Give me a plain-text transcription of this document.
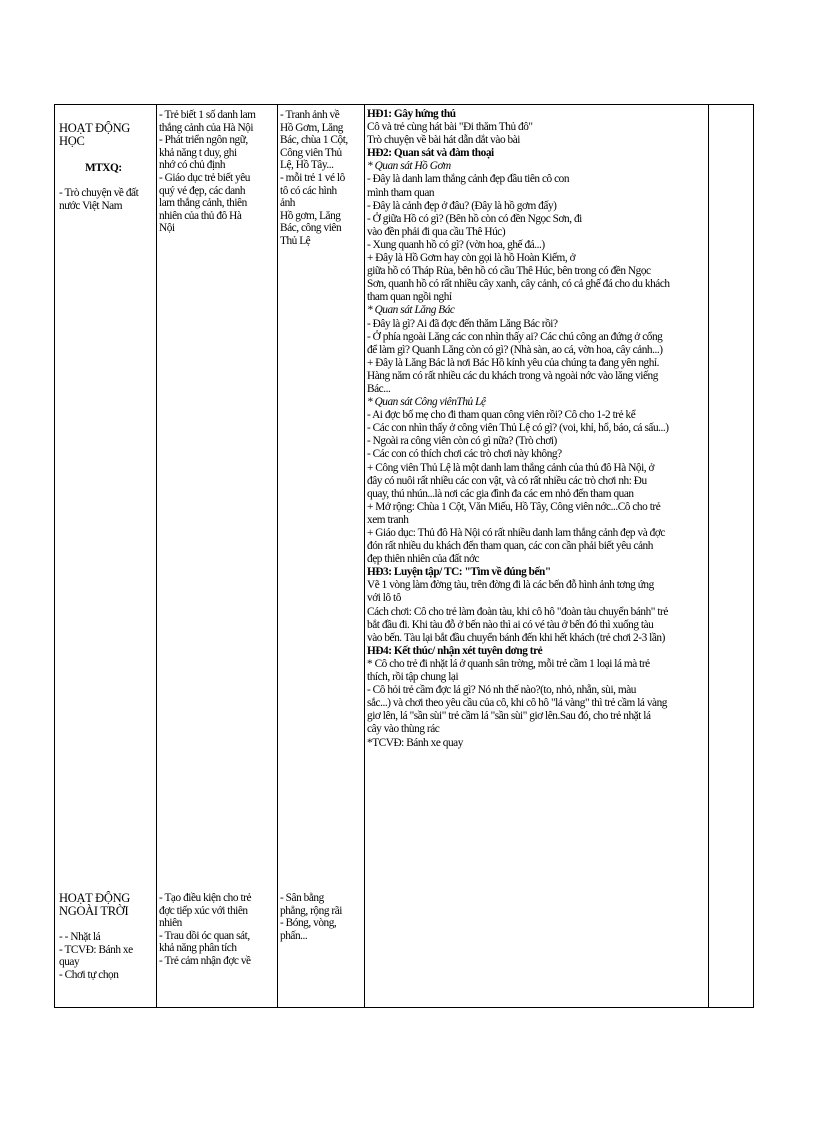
HOẠT ĐỘNG
HỌC

MTXQ:

- Trò chuyện về đất
nước Việt Nam

- Trẻ biết 1 số danh lam
thắng cảnh của Hà Nội
- Phát triển ngôn ngữ,
khả năng t duy, ghi
nhớ có chủ định
- Giáo dục trẻ biết yêu
quý vẻ đẹp, các danh
lam thắng cảnh, thiên
nhiên của thủ đô Hà
Nội
- Tranh ảnh về
Hồ Gơm, Lăng
Bác, chùa 1 Cột,
Công viên Thủ
Lệ, Hồ Tây...
- mỗi trẻ 1 vé lô
tô có các hình
ảnh
Hồ gơm, Lăng
Bác, công viên
Thủ Lệ
HĐ1: Gây hứng thú
Cô và trẻ cùng hát bài "Đi thăm Thủ đô"
Trò chuyện về bài hát dẫn dắt vào bài
HĐ2: Quan sát và đàm thoại
* Quan sát Hồ Gơm
- Đây là danh lam thắng cảnh đẹp đầu tiên cô con
mình tham quan
- Đây là cảnh đẹp ở đâu? (Đây là hồ gơm đấy)
- Ở giữa Hồ có gì? (Bên hồ còn có đền Ngọc Sơn, đi
vào đền phải đi qua cầu Thê Húc)
- Xung quanh hồ có gì? (vờn hoa, ghế đá...)
+ Đây là Hồ Gơm hay còn gọi là hồ Hoàn Kiếm, ở
giữa hồ có Tháp Rùa, bên hồ có cầu Thê Húc, bên trong có đền Ngọc
Sơn, quanh hồ có rất nhiều cây xanh, cây cảnh, có cả ghế đá cho du khách
tham quan ngồi nghỉ
* Quan sát Lăng Bác
- Đây là gì? Ai đã đợc đến thăm Lăng Bác rồi?
- Ở phía ngoài Lăng các con nhìn thấy ai? Các chú công an đứng ở cổng
để làm gì? Quanh Lăng còn có gì? (Nhà sàn, ao cá, vờn hoa, cây cảnh...)
+ Đây là Lăng Bác là nơi Bác Hồ kính yêu của chúng ta đang yên nghỉ.
Hàng năm có rất nhiều các du khách trong và ngoài nớc vào lăng viếng
Bác...
* Quan sát Công viênThủ Lệ
- Ai đợc bố mẹ cho đi tham quan công viên rồi? Cô cho 1-2 trẻ kể
- Các con nhìn thấy ở công viên Thủ Lệ có gì? (voi, khỉ, hổ, báo, cá sấu...)
- Ngoài ra công viên còn có gì nữa? (Trò chơi)
- Các con có thích chơi các trò chơi này không?
+ Công viên Thủ Lệ là một danh lam thắng cảnh của thủ đô Hà Nội, ở
đây có nuôi rất nhiều các con vật, và có rất nhiều các trò chơi nh: Đu
quay, thú nhún...là nơi các gia đình đa các em nhỏ đến tham quan
+ Mở rộng: Chùa 1 Cột, Văn Miếu, Hồ Tây, Công viên nớc...Cô cho trẻ
xem tranh
+ Giáo dục: Thủ đô Hà Nội có rất nhiều danh lam thắng cảnh đẹp và đợc
đón rất nhiều du khách đến tham quan, các con cần phải biết yêu cảnh
đẹp thiên nhiên của đất nớc
HĐ3: Luyện tập/ TC: "Tìm về đúng bến"
Vẽ 1 vòng làm đờng tàu, trên đờng đi là các bến đỗ hình ảnh tơng ứng
với lô tô
Cách chơi: Cô cho trẻ làm đoàn tàu, khi cô hô "đoàn tàu chuyển bánh" trẻ
bắt đầu đi. Khi tàu đỗ ở bến nào thì ai có vé tàu ở bến đó thì xuống tàu
vào bến. Tàu lại bắt đầu chuyển bánh đến khi hết khách (trẻ chơi 2-3 lần)
HĐ4: Kết thúc/ nhận xét tuyên dơng trẻ
* Cô cho trẻ đi nhặt lá ở quanh sân trờng, mỗi trẻ cầm 1 loại lá mà trẻ
thích, rồi tập chung lại
- Cô hỏi trẻ cầm đợc lá gì? Nó nh thế nào?(to, nhỏ, nhẵn, sùi, màu
sắc...) và chơi theo yêu cầu của cô, khi cô hô "lá vàng" thì trẻ cầm lá vàng
giơ lên, lá "sần sùi" trẻ cầm lá "sần sùi" giơ lên.Sau đó, cho trẻ nhặt lá
cây vào thùng rác
*TCVĐ: Bánh xe quay

HOẠT ĐỘNG
NGOÀI TRỜI

- - Nhặt lá
- TCVĐ: Bánh xe
quay
- Chơi tự chọn

- Tạo điều kiện cho trẻ
đợc tiếp xúc với thiên
nhiên
- Trau dồi óc quan sát,
khả năng phân tích
- Trẻ cảm nhận đợc về
- Sân bằng
phẳng, rộng rãi
- Bóng, vòng,
phấn...
